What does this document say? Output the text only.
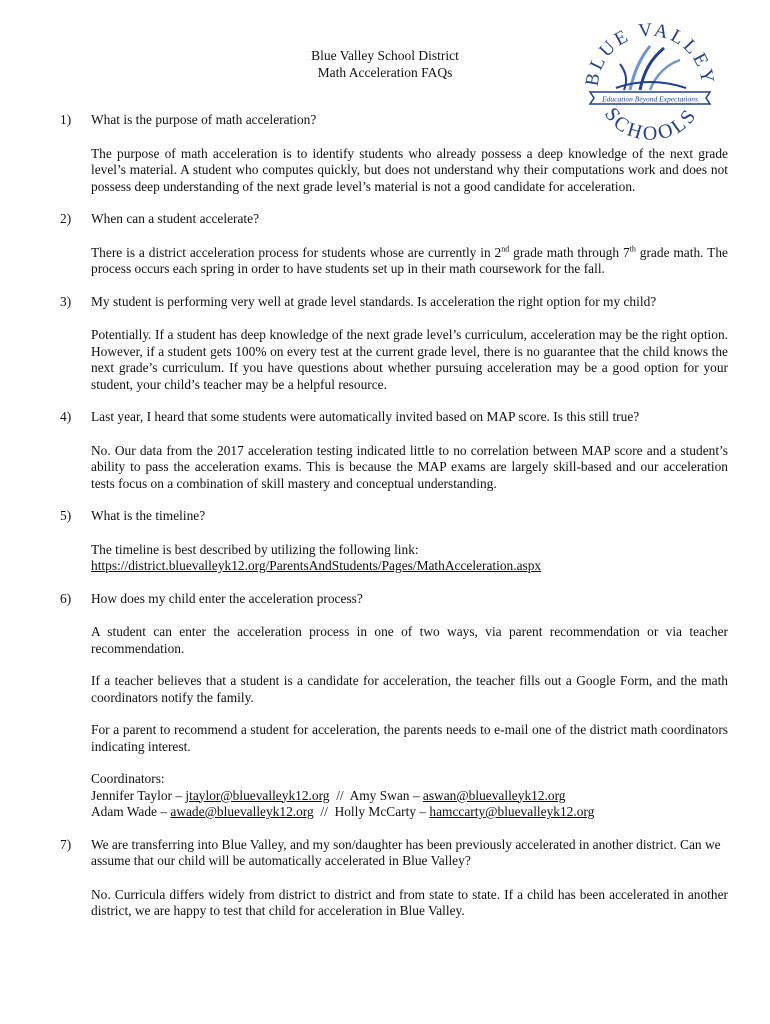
Blue Valley School District
Math Acceleration FAQs	BLUE VALLEY
SCHOOLS
Education Beyond Expectations

1) What is the purpose of math acceleration?

The purpose of math acceleration is to identify students who already possess a deep knowledge of the next grade level’s material. A student who computes quickly, but does not understand why their computations work and does not possess deep understanding of the next grade level’s material is not a good candidate for acceleration.

2) When can a student accelerate?

There is a district acceleration process for students whose are currently in 2nd grade math through 7th grade math. The process occurs each spring in order to have students set up in their math coursework for the fall.

3) My student is performing very well at grade level standards. Is acceleration the right option for my child?

Potentially. If a student has deep knowledge of the next grade level’s curriculum, acceleration may be the right option. However, if a student gets 100% on every test at the current grade level, there is no guarantee that the child knows the next grade’s curriculum. If you have questions about whether pursuing acceleration may be a good option for your student, your child’s teacher may be a helpful resource.

4) Last year, I heard that some students were automatically invited based on MAP score. Is this still true?

No. Our data from the 2017 acceleration testing indicated little to no correlation between MAP score and a student’s ability to pass the acceleration exams. This is because the MAP exams are largely skill-based and our acceleration tests focus on a combination of skill mastery and conceptual understanding.

5) What is the timeline?

The timeline is best described by utilizing the following link:
https://district.bluevalleyk12.org/ParentsAndStudents/Pages/MathAcceleration.aspx

6) How does my child enter the acceleration process?

A student can enter the acceleration process in one of two ways, via parent recommendation or via teacher recommendation.

If a teacher believes that a student is a candidate for acceleration, the teacher fills out a Google Form, and the math coordinators notify the family.

For a parent to recommend a student for acceleration, the parents needs to e-mail one of the district math coordinators indicating interest.

Coordinators:
Jennifer Taylor – jtaylor@bluevalleyk12.org  //  Amy Swan – aswan@bluevalleyk12.org
Adam Wade – awade@bluevalleyk12.org  //  Holly McCarty – hamccarty@bluevalleyk12.org

7) We are transferring into Blue Valley, and my son/daughter has been previously accelerated in another district. Can we assume that our child will be automatically accelerated in Blue Valley?

No. Curricula differs widely from district to district and from state to state. If a child has been accelerated in another district, we are happy to test that child for acceleration in Blue Valley.
